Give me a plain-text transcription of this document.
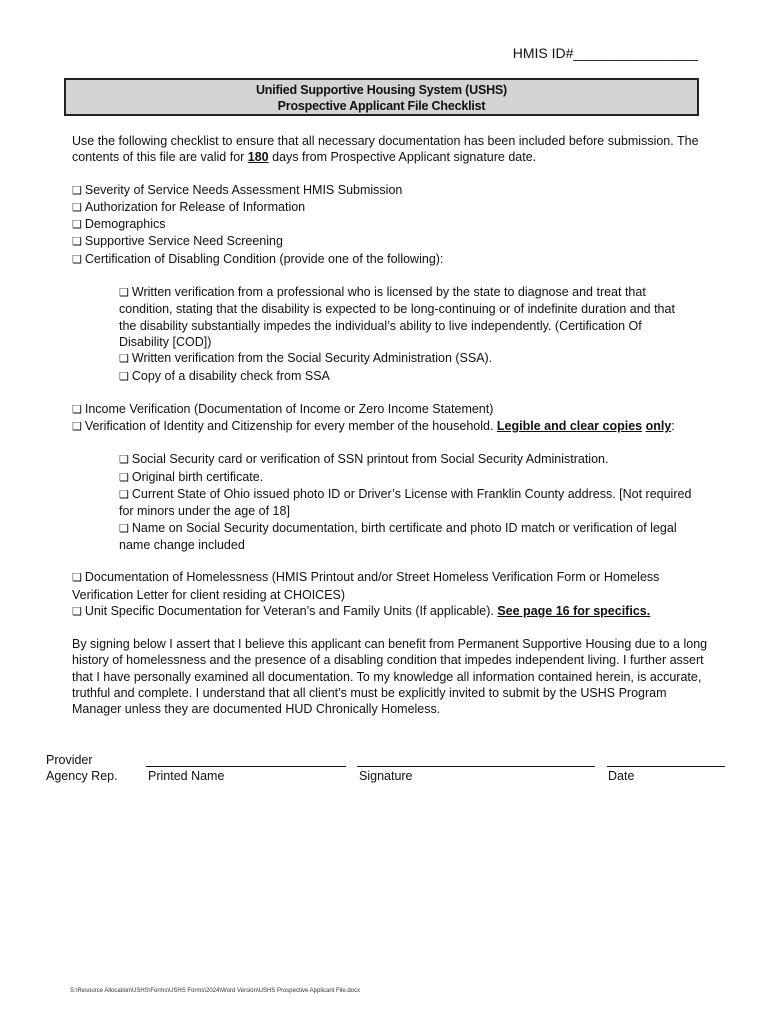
HMIS ID#________________
Unified Supportive Housing System (USHS)
Prospective Applicant File Checklist

Use the following checklist to ensure that all necessary documentation has been included before submission. The contents of this file are valid for 180 days from Prospective Applicant signature date.

❑ Severity of Service Needs Assessment HMIS Submission

❑ Authorization for Release of Information

❑ Demographics

❑ Supportive Service Need Screening

❑ Certification of Disabling Condition (provide one of the following):

❑ Written verification from a professional who is licensed by the state to diagnose and treat that condition, stating that the disability is expected to be long-continuing or of indefinite duration and that the disability substantially impedes the individual’s ability to live independently. (Certification Of Disability [COD])

❑ Written verification from the Social Security Administration (SSA).

❑ Copy of a disability check from SSA

❑ Income Verification (Documentation of Income or Zero Income Statement)

❑ Verification of Identity and Citizenship for every member of the household. Legible and clear copies only:

❑ Social Security card or verification of SSN printout from Social Security Administration.

❑ Original birth certificate.

❑ Current State of Ohio issued photo ID or Driver’s License with Franklin County address. [Not required for minors under the age of 18]

❑ Name on Social Security documentation, birth certificate and photo ID match or verification of legal name change included

❑ Documentation of Homelessness (HMIS Printout and/or Street Homeless Verification Form or Homeless Verification Letter for client residing at CHOICES)

❑ Unit Specific Documentation for Veteran’s and Family Units (If applicable). See page 16 for specifics.

By signing below I assert that I believe this applicant can benefit from Permanent Supportive Housing due to a long history of homelessness and the presence of a disabling condition that impedes independent living. I further assert that I have personally examined all documentation. To my knowledge all information contained herein, is accurate, truthful and complete. I understand that all client’s must be explicitly invited to submit by the USHS Program Manager unless they are documented HUD Chronically Homeless.

Provider
Agency Rep. Printed Name	Signature	Date
S:\Resource Allocation\USHS\Forms\USHS Forms\2024\Word Version\USHS Prospective Applicant File.docx
